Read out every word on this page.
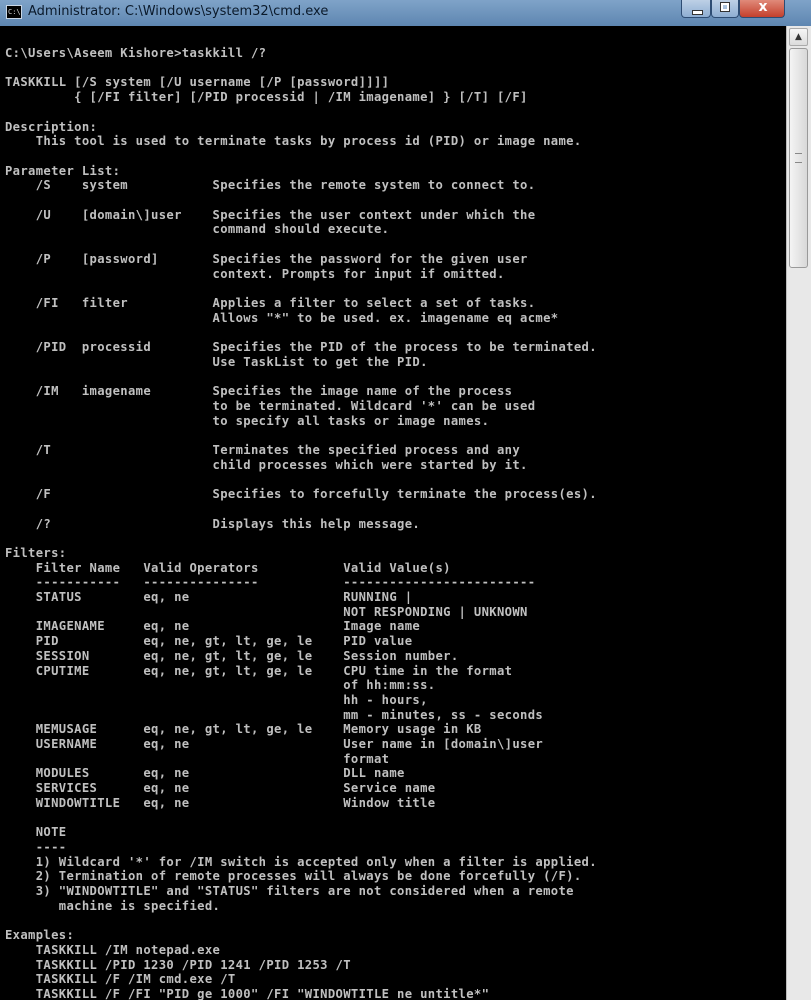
C:\ Administrator: C:\Windows\system32\cmd.exe	x
C:\Users\Aseem Kishore>taskkill /?

TASKKILL [/S system [/U username [/P [password]]]]
{ [/FI filter] [/PID processid | /IM imagename] } [/T] [/F]

Description:
This tool is used to terminate tasks by process id (PID) or image name.

Parameter List:
/S    system           Specifies the remote system to connect to.

/U    [domain\]user    Specifies the user context under which the
command should execute.

/P    [password]       Specifies the password for the given user
context. Prompts for input if omitted.

/FI   filter           Applies a filter to select a set of tasks.
Allows "*" to be used. ex. imagename eq acme*

/PID  processid        Specifies the PID of the process to be terminated.
Use TaskList to get the PID.

/IM   imagename        Specifies the image name of the process
to be terminated. Wildcard '*' can be used
to specify all tasks or image names.

/T                     Terminates the specified process and any
child processes which were started by it.

/F                     Specifies to forcefully terminate the process(es).

/?                     Displays this help message.

Filters:
Filter Name   Valid Operators           Valid Value(s)
-----------   ---------------           -------------------------
STATUS        eq, ne                    RUNNING |
NOT RESPONDING | UNKNOWN
IMAGENAME     eq, ne                    Image name
PID           eq, ne, gt, lt, ge, le    PID value
SESSION       eq, ne, gt, lt, ge, le    Session number.
CPUTIME       eq, ne, gt, lt, ge, le    CPU time in the format
of hh:mm:ss.
hh - hours,
mm - minutes, ss - seconds
MEMUSAGE      eq, ne, gt, lt, ge, le    Memory usage in KB
USERNAME      eq, ne                    User name in [domain\]user
format
MODULES       eq, ne                    DLL name
SERVICES      eq, ne                    Service name
WINDOWTITLE   eq, ne                    Window title

NOTE
----
1) Wildcard '*' for /IM switch is accepted only when a filter is applied.
2) Termination of remote processes will always be done forcefully (/F).
3) "WINDOWTITLE" and "STATUS" filters are not considered when a remote
machine is specified.

Examples:
TASKKILL /IM notepad.exe
TASKKILL /PID 1230 /PID 1241 /PID 1253 /T
TASKKILL /F /IM cmd.exe /T
TASKKILL /F /FI "PID ge 1000" /FI "WINDOWTITLE ne untitle*"

▲
